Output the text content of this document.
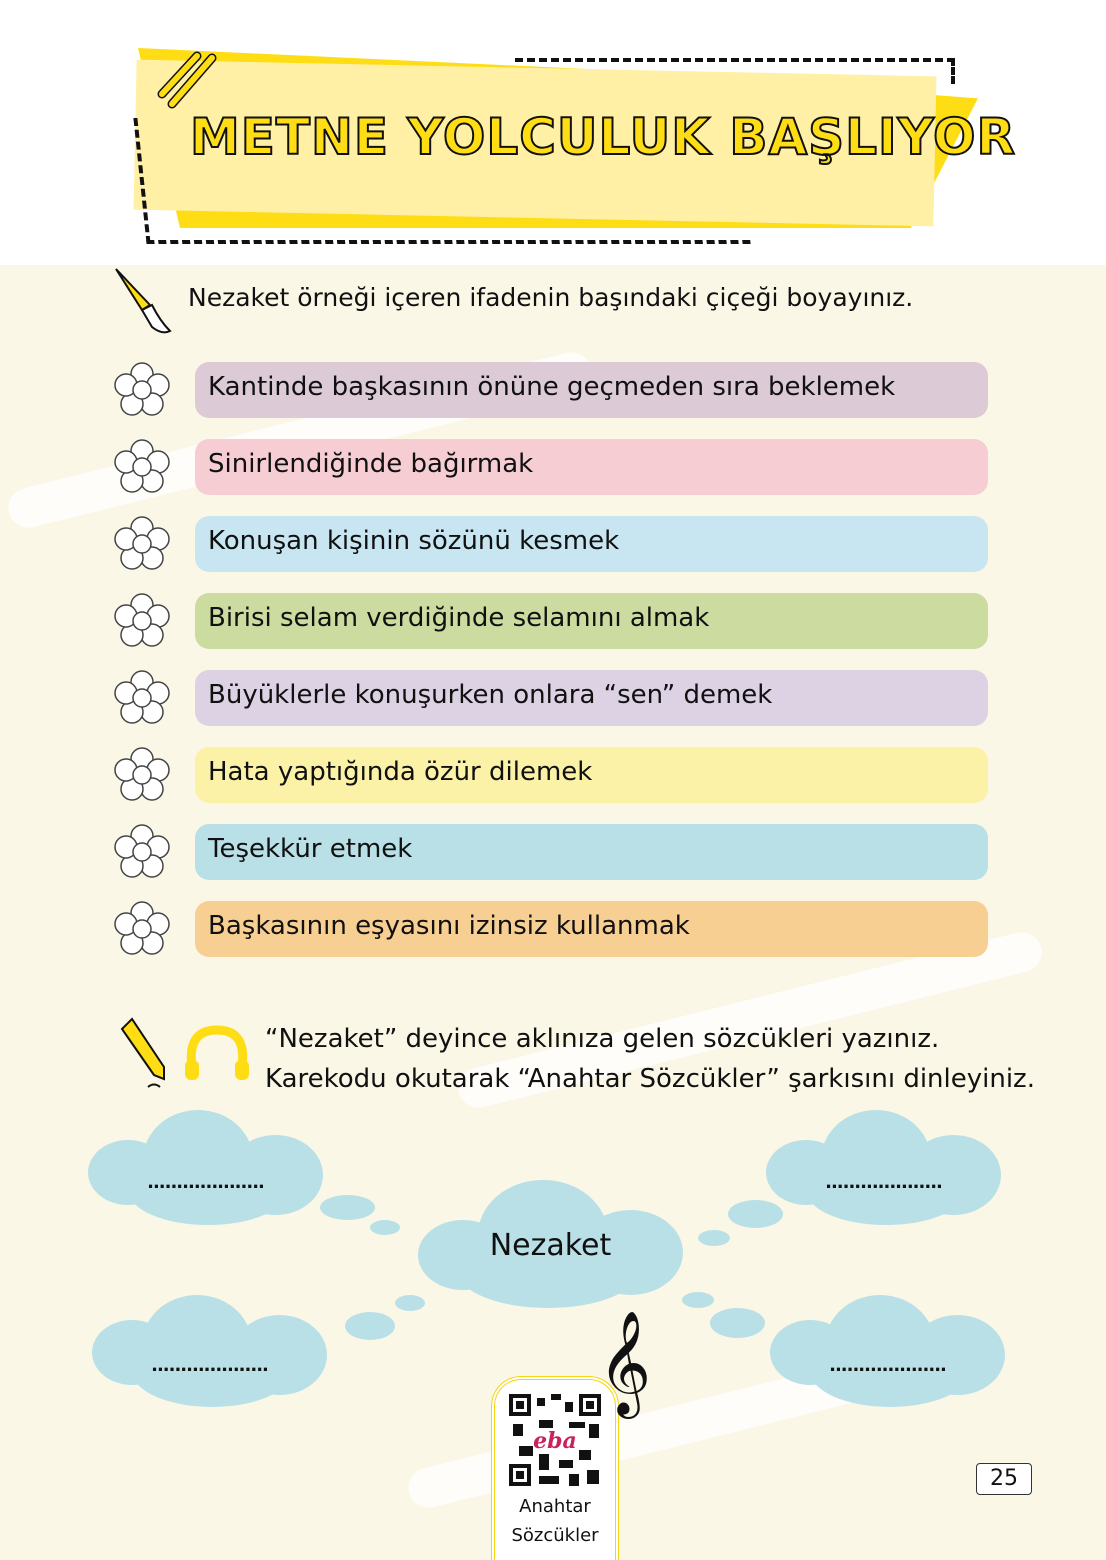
METNE YOLCULUK BAŞLIYOR
Nezaket örneği içeren ifadenin başındaki çiçeği boyayınız.
Kantinde başkasının önüne geçmeden sıra beklemek
Sinirlendiğinde bağırmak
Konuşan kişinin sözünü kesmek
Birisi selam verdiğinde selamını almak
Büyüklerle konuşurken onlara “sen” demek
Hata yaptığında özür dilemek
Teşekkür etmek
Başkasının eşyasını izinsiz kullanmak
“Nezaket” deyince aklınıza gelen sözcükleri yazınız.
Karekodu okutarak “Anahtar Sözcükler” şarkısını dinleyiniz.
....................	....................
Nezaket
....................	....................
eba
Anahtar
Sözcükler
𝄞
25
